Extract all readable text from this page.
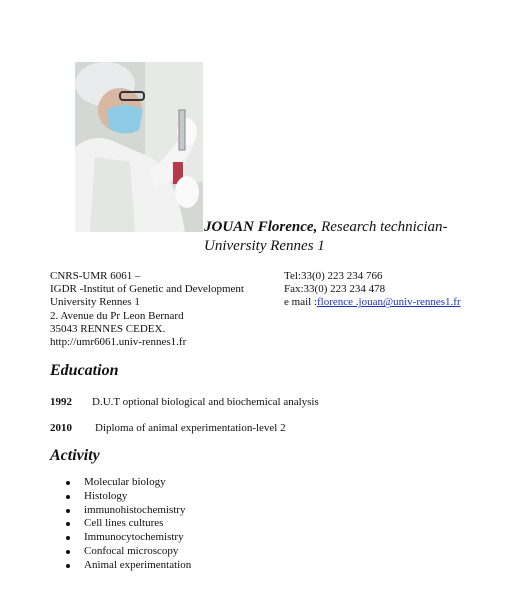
JOUAN Florence, Research technician-
University Rennes 1
CNRS-UMR 6061 –
IGDR -Institut of Genetic and Development
University Rennes 1
2. Avenue du Pr Leon Bernard
35043 RENNES CEDEX.
http://umr6061.univ-rennes1.fr
Tel:33(0) 223 234 766
Fax:33(0) 223 234 478
e mail :florence .jouan@univ-rennes1.fr
Education
1992 D.U.T optional biological and biochemical analysis
2010 Diploma of animal experimentation-level 2
Activity
Molecular biology
Histology
immunohistochemistry
Cell lines cultures
Immunocytochemistry
Confocal microscopy
Animal experimentation
